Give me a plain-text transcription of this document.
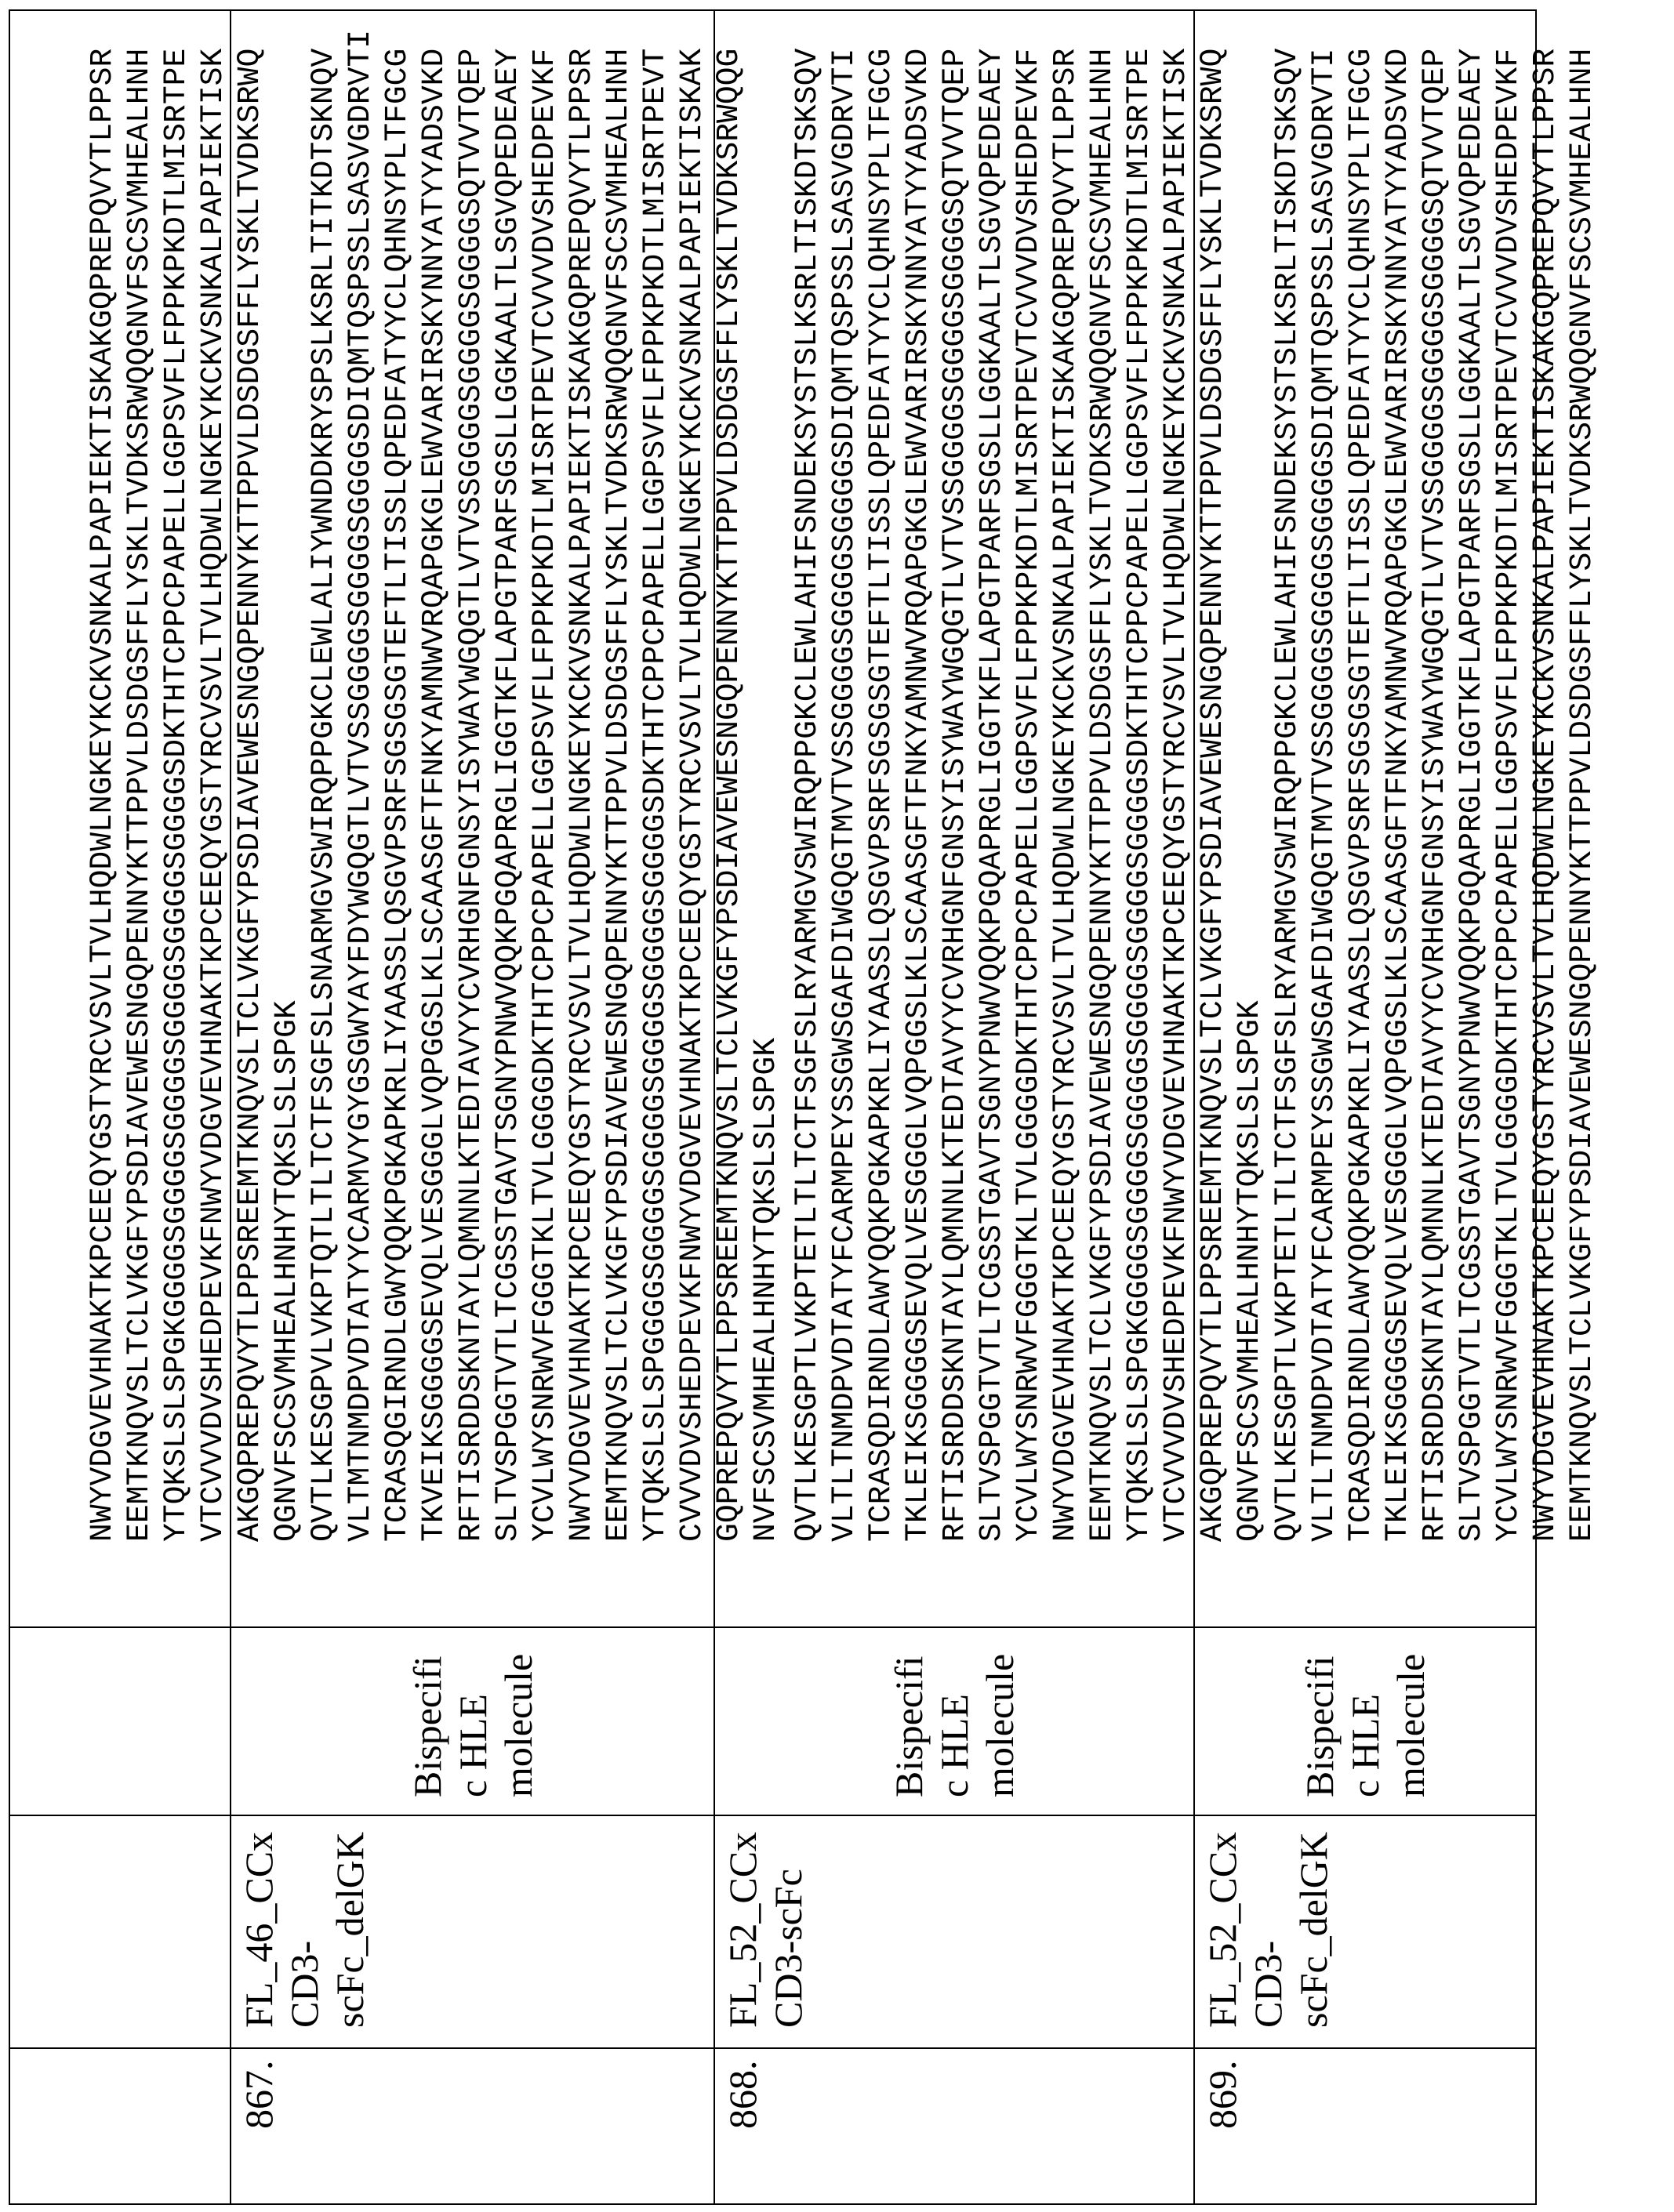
NWYVDGVEVHNAKTKPCEEQYGSTYRCVSVLTVLHQDWLNGKEYKCKVSNKALPAPIEKTISKAKGQPREPQVYTLPPSR EEMTKNQVSLTCLVKGFYPSDIAVEWESNGQPENNYKTTPPVLDSDGSFFLYSKLTVDKSRWQQGNVFSCSVMHEALHNH YTQKSLSLSPGKGGGGSGGGGSGGGGSGGGGSGGGGSGGGGSDKTHTCPPCPAPELLGGPSVFLFPPKPKDTLMISRTPE VTCVVVDVSHEDPEVKFNWYVDGVEVHNAKTKPCEEQYGSTYRCVSVLTVLHQDWLNGKEYKCKVSNKALPAPIEKTISK AKGQPREPQVYTLPPSREEMTKNQVSLTCLVKGFYPSDIAVEWESNGQPENNYKTTPPVLDSDGSFFLYSKLTVDKSRWQ QGNVFSCSVMHEALHNHYTQKSLSLSPGK

867.
FL_46_CCx CD3-scFc_delGK
Bispecifi c HLE molecule

QVTLKESGPVLVKPTQTLTLTCTFSGFSLSNARMGVSWIRQPPGKCLEWLALIYWNDDKRYSPSLKSRLTITKDTSKNQV VLTMTNMDPVDTATYYCARMVYGYGSGWYAYFDYWGQGTLVTVSSGGGGSGGGGSGGGGSDIQMTQSPSSLSASVGDRVTI TCRASQGIRNDLGWYQQKPGKAPKRLIYAASSLQSGVPSRFSGSGSGTEFTLTISSLQPEDFATYYCLQHNSYPLTFGCG TKVEIKSGGGGSEVQLVESGGGLVQPGGSLKLSCAASGFTFNKYAMNWVRQAPGKGLEWVARIRSKYNNYATYYADSVKD RFTISRDDSKNTAYLQMNNLKTEDTAVYYCVRHGNFGNSYISYWAYWGQGTLVTVSSGGGGSGGGGSGGGGSQTVVTQEP SLTVSPGGTVTLTCGSSTGAVTSGNYPNWVQQKPGQAPRGLIGGTKFLAPGTPARFSGSLLGGKAALTLSGVQPEDEAEY YCVLWYSNRWVFGGGTKLTVLGGGGDKTHTCPPCPAPELLGGPSVFLFPPKPKDTLMISRTPEVTCVVVDVSHEDPEVKF NWYVDGVEVHNAKTKPCEEQYGSTYRCVSVLTVLHQDWLNGKEYKCKVSNKALPAPIEKTISKAKGQPREPQVYTLPPSR EEMTKNQVSLTCLVKGFYPSDIAVEWESNGQPENNYKTTPPVLDSDGSFFLYSKLTVDKSRWQQGNVFSCSVMHEALHNH YTQKSLSLSPGGGGSGGGGSGGGGSGGGGSGGGGSGGGGSDKTHTCPPCPAPELLGGPSVFLFPPKPKDTLMISRTPEVT CVVVDVSHEDPEVKFNWYVDGVEVHNAKTKPCEEQYGSTYRCVSVLTVLHQDWLNGKEYKCKVSNKALPAPIEKTISKAK GQPREPQVYTLPPSREEMTKNQVSLTCLVKGFYPSDIAVEWESNGQPENNYKTTPPVLDSDGSFFLYSKLTVDKSRWQQG NVFSCSVMHEALHNHYTQKSLSLSPGK

868.
FL_52_CCx CD3-scFc
Bispecifi c HLE molecule

QVTLKESGPTLVKPTETLTLTCTFSGFSLRYARMGVSWIRQPPGKCLEWLAHIFSNDEKSYSTSLKSRLTISKDTSKSQV VLTLTNMDPVDTATYFCARMPEYSSGWSGAFDIWGQGTMVTVSSGGGGSGGGGSGGGGSDIQMTQSPSSLSASVGDRVTI TCRASQDIRNDLAWYQQKPGKAPKRLIYAASSLQSGVPSRFSGSGSGTEFTLTISSLQPEDFATYYCLQHNSYPLTFGCG TKLEIKSGGGGSEVQLVESGGGLVQPGGSLKLSCAASGFTFNKYAMNWVRQAPGKGLEWVARIRSKYNNYATYYADSVKD RFTISRDDSKNTAYLQMNNLKTEDTAVYYCVRHGNFGNSYISYWAYWGQGTLVTVSSGGGGSGGGGSGGGGSQTVVTQEP SLTVSPGGTVTLTCGSSTGAVTSGNYPNWVQQKPGQAPRGLIGGTKFLAPGTPARFSGSLLGGKAALTLSGVQPEDEAEY YCVLWYSNRWVFGGGTKLTVLGGGGDKTHTCPPCPAPELLGGPSVFLFPPKPKDTLMISRTPEVTCVVVDVSHEDPEVKF NWYVDGVEVHNAKTKPCEEQYGSTYRCVSVLTVLHQDWLNGKEYKCKVSNKALPAPIEKTISKAKGQPREPQVYTLPPSR EEMTKNQVSLTCLVKGFYPSDIAVEWESNGQPENNYKTTPPVLDSDGSFFLYSKLTVDKSRWQQGNVFSCSVMHEALHNH YTQKSLSLSPGKGGGGSGGGGSGGGGSGGGGSGGGGSGGGGSDKTHTCPPCPAPELLGGPSVFLFPPKPKDTLMISRTPE VTCVVVDVSHEDPEVKFNWYVDGVEVHNAKTKPCEEQYGSTYRCVSVLTVLHQDWLNGKEYKCKVSNKALPAPIEKTISK AKGQPREPQVYTLPPSREEMTKNQVSLTCLVKGFYPSDIAVEWESNGQPENNYKTTPPVLDSDGSFFLYSKLTVDKSRWQ QGNVFSCSVMHEALHNHYTQKSLSLSPGK

869.
FL_52_CCx CD3-scFc_delGK
Bispecifi c HLE molecule

QVTLKESGPTLVKPTETLTLTCTFSGFSLRYARMGVSWIRQPPGKCLEWLAHIFSNDEKSYSTSLKSRLTISKDTSKSQV VLTLTNMDPVDTATYFCARMPEYSSGWSGAFDIWGQGTMVTVSSGGGGSGGGGSGGGGSDIQMTQSPSSLSASVGDRVTI TCRASQDIRNDLAWYQQKPGKAPKRLIYAASSLQSGVPSRFSGSGSGTEFTLTISSLQPEDFATYYCLQHNSYPLTFGCG TKLEIKSGGGGSEVQLVESGGGLVQPGGSLKLSCAASGFTFNKYAMNWVRQAPGKGLEWVARIRSKYNNYATYYADSVKD RFTISRDDSKNTAYLQMNNLKTEDTAVYYCVRHGNFGNSYISYWAYWGQGTLVTVSSGGGGSGGGGSGGGGSQTVVTQEP SLTVSPGGTVTLTCGSSTGAVTSGNYPNWVQQKPGQAPRGLIGGTKFLAPGTPARFSGSLLGGKAALTLSGVQPEDEAEY YCVLWYSNRWVFGGGTKLTVLGGGGDKTHTCPPCPAPELLGGPSVFLFPPKPKDTLMISRTPEVTCVVVDVSHEDPEVKF NWYVDGVEVHNAKTKPCEEQYGSTYRCVSVLTVLHQDWLNGKEYKCKVSNKALPAPIEKTISKAKGQPREPQVYTLPPSR EEMTKNQVSLTCLVKGFYPSDIAVEWESNGQPENNYKTTPPVLDSDGSFFLYSKLTVDKSRWQQGNVFSCSVMHEALHNH
